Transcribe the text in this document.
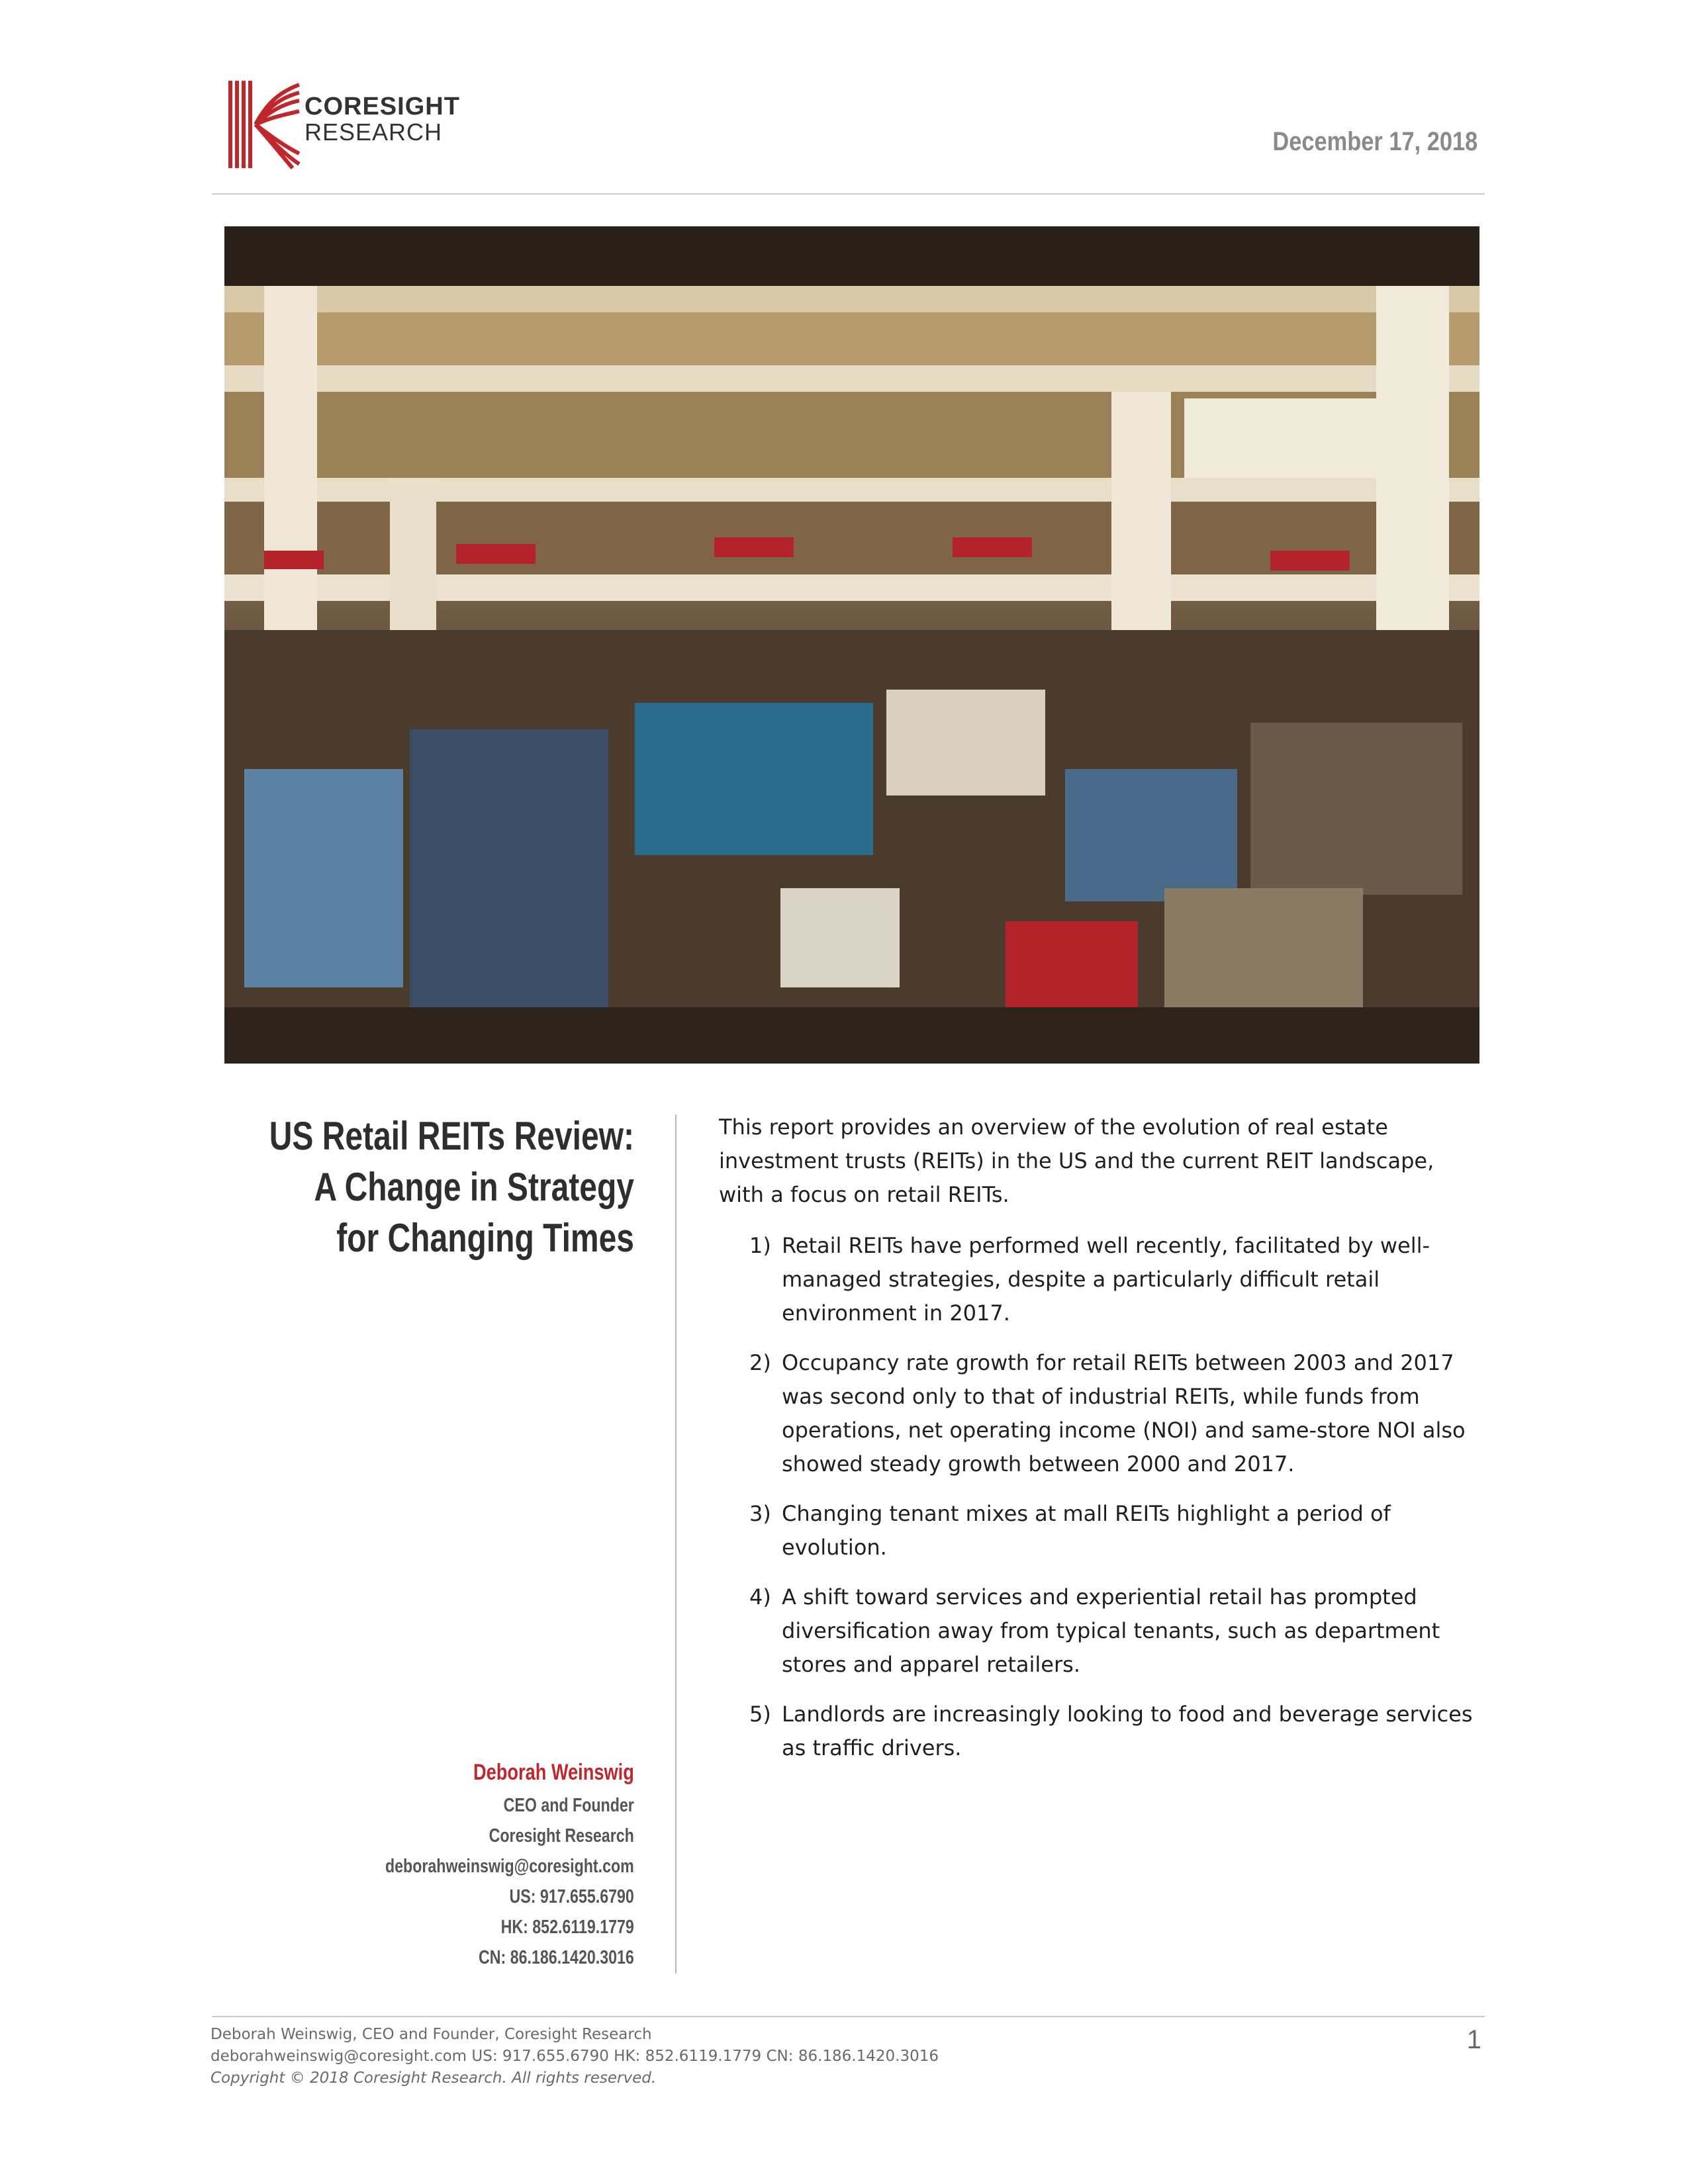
CORESIGHT
RESEARCH	December 17, 2018
US Retail REITs Review: A Change in Strategy for Changing Times
Deborah Weinswig
CEO and Founder
Coresight Research
deborahweinswig@coresight.com
US: 917.655.6790
HK: 852.6119.1779
CN: 86.186.1420.3016

This report provides an overview of the evolution of real estate investment trusts (REITs) in the US and the current REIT landscape, with a focus on retail REITs.

1) Retail REITs have performed well recently, facilitated by well-managed strategies, despite a particularly difficult retail environment in 2017.
2) Occupancy rate growth for retail REITs between 2003 and 2017 was second only to that of industrial REITs, while funds from operations, net operating income (NOI) and same-store NOI also showed steady growth between 2000 and 2017.
3) Changing tenant mixes at mall REITs highlight a period of evolution.
4) A shift toward services and experiential retail has prompted diversification away from typical tenants, such as department stores and apparel retailers.
5) Landlords are increasingly looking to food and beverage services as traffic drivers.
Deborah Weinswig, CEO and Founder, Coresight Research
deborahweinswig@coresight.com US: 917.655.6790 HK: 852.6119.1779 CN: 86.186.1420.3016
Copyright © 2018 Coresight Research. All rights reserved.
1
